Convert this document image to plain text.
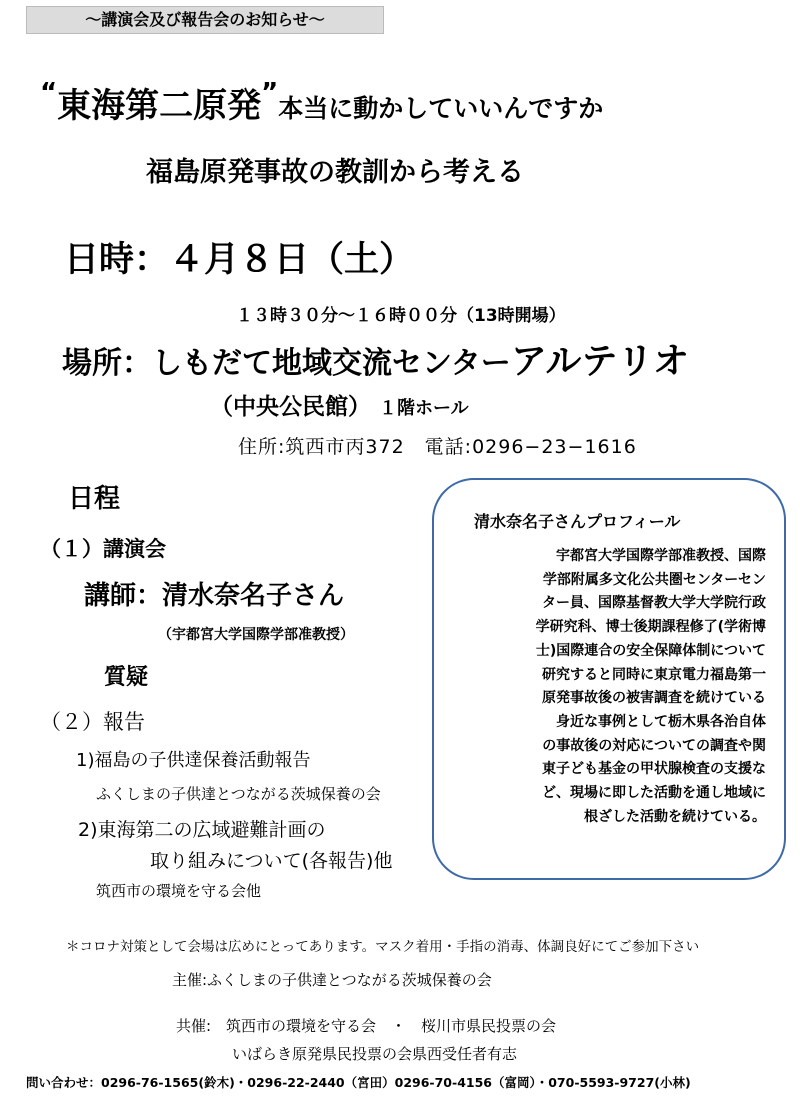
〜講演会及び報告会のお知らせ〜
“東海第二原発”本当に動かしていいんですか
福島原発事故の教訓から考える
日時：４月８日（土）
１３時３０分〜１６時００分（13時開場）
場所：しもだて地域交流センターアルテリオ
（中央公民館） １階ホール
住所:筑西市丙372　電話:0296−23−1616
日程
（１）講演会
講師：清水奈名子さん
（宇都宮大学国際学部准教授）
質疑
（２）報告
1)福島の子供達保養活動報告
ふくしまの子供達とつながる茨城保養の会
2)東海第二の広域避難計画の
取り組みについて(各報告)他
筑西市の環境を守る会他
清水奈名子さんプロフィール
宇都宮大学国際学部准教授、国際
学部附属多文化公共圏センターセン
ター員、国際基督教大学大学院行政
学研究科、博士後期課程修了(学術博
士)国際連合の安全保障体制について
研究すると同時に東京電力福島第一
原発事故後の被害調査を続けている
身近な事例として栃木県各治自体
の事故後の対応についての調査や関
東子ども基金の甲状腺検査の支援な
ど、現場に即した活動を通し地域に
根ざした活動を続けている。
＊コロナ対策として会場は広めにとってあります。マスク着用・手指の消毒、体調良好にてご参加下さい
主催:ふくしまの子供達とつながる茨城保養の会
共催:　筑西市の環境を守る会　・　桜川市県民投票の会
いばらき原発県民投票の会県西受任者有志
問い合わせ：0296-76-1565(鈴木)・0296-22-2440（宮田）0296-70-4156（富岡）・070-5593-9727(小林)
